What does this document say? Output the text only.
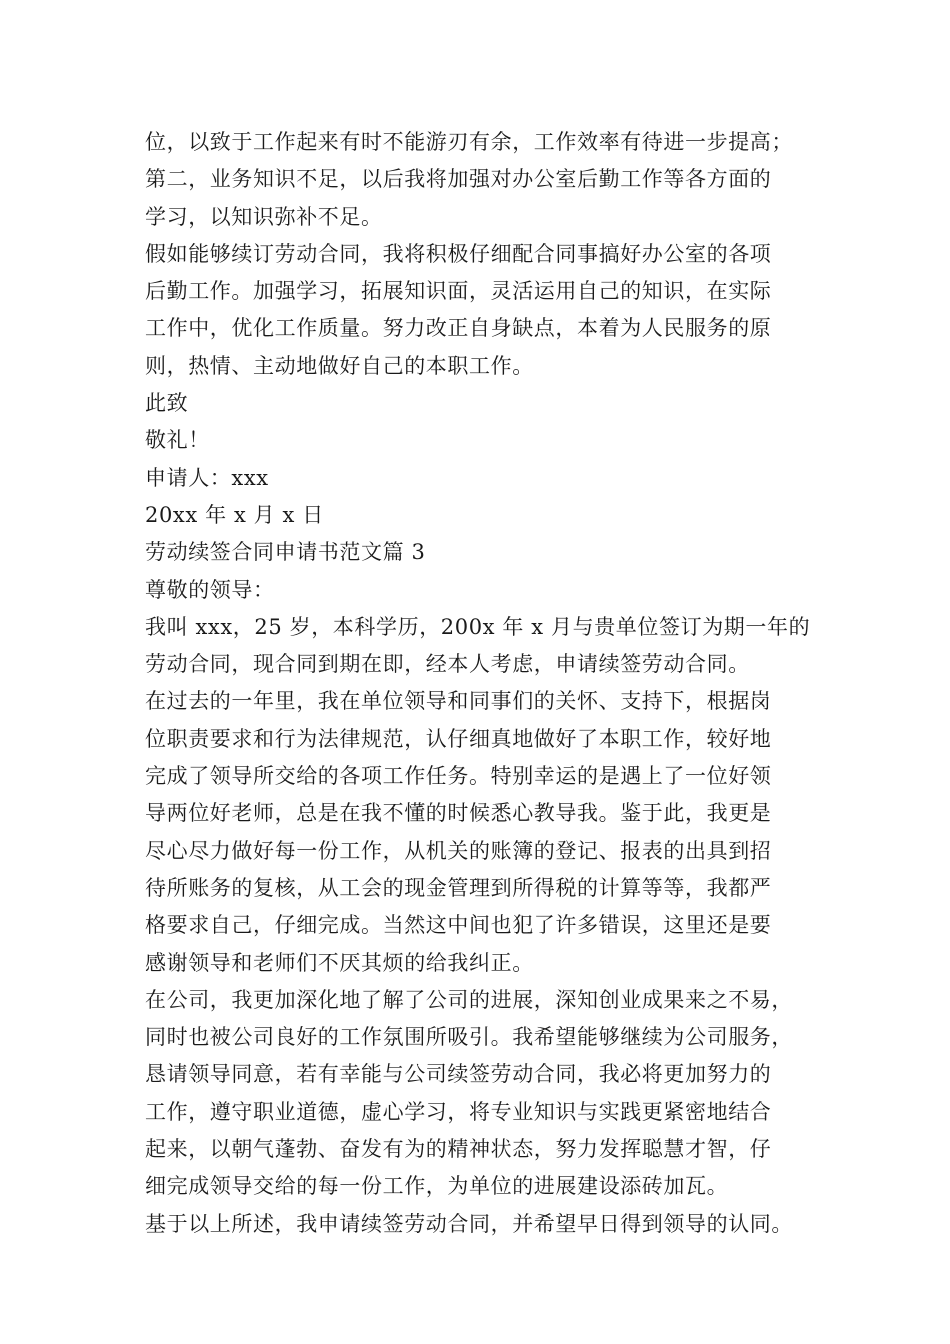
位，以致于工作起来有时不能游刃有余，工作效率有待进一步提高；
第二，业务知识不足，以后我将加强对办公室后勤工作等各方面的
学习，以知识弥补不足。
假如能够续订劳动合同，我将积极仔细配合同事搞好办公室的各项
后勤工作。加强学习，拓展知识面，灵活运用自己的知识，在实际
工作中，优化工作质量。努力改正自身缺点，本着为人民服务的原
则，热情、主动地做好自己的本职工作。
此致
敬礼！
申请人：xxx
20xx 年 x 月 x 日
劳动续签合同申请书范文篇 3
尊敬的领导：
我叫 xxx，25 岁，本科学历，200x 年 x 月与贵单位签订为期一年的
劳动合同，现合同到期在即，经本人考虑，申请续签劳动合同。
在过去的一年里，我在单位领导和同事们的关怀、支持下，根据岗
位职责要求和行为法律规范，认仔细真地做好了本职工作，较好地
完成了领导所交给的各项工作任务。特别幸运的是遇上了一位好领
导两位好老师，总是在我不懂的时候悉心教导我。鉴于此，我更是
尽心尽力做好每一份工作，从机关的账簿的登记、报表的出具到招
待所账务的复核，从工会的现金管理到所得税的计算等等，我都严
格要求自己，仔细完成。当然这中间也犯了许多错误，这里还是要
感谢领导和老师们不厌其烦的给我纠正。
在公司，我更加深化地了解了公司的进展，深知创业成果来之不易，
同时也被公司良好的工作氛围所吸引。我希望能够继续为公司服务，
恳请领导同意，若有幸能与公司续签劳动合同，我必将更加努力的
工作，遵守职业道德，虚心学习，将专业知识与实践更紧密地结合
起来，以朝气蓬勃、奋发有为的精神状态，努力发挥聪慧才智，仔
细完成领导交给的每一份工作，为单位的进展建设添砖加瓦。
基于以上所述，我申请续签劳动合同，并希望早日得到领导的认同。
